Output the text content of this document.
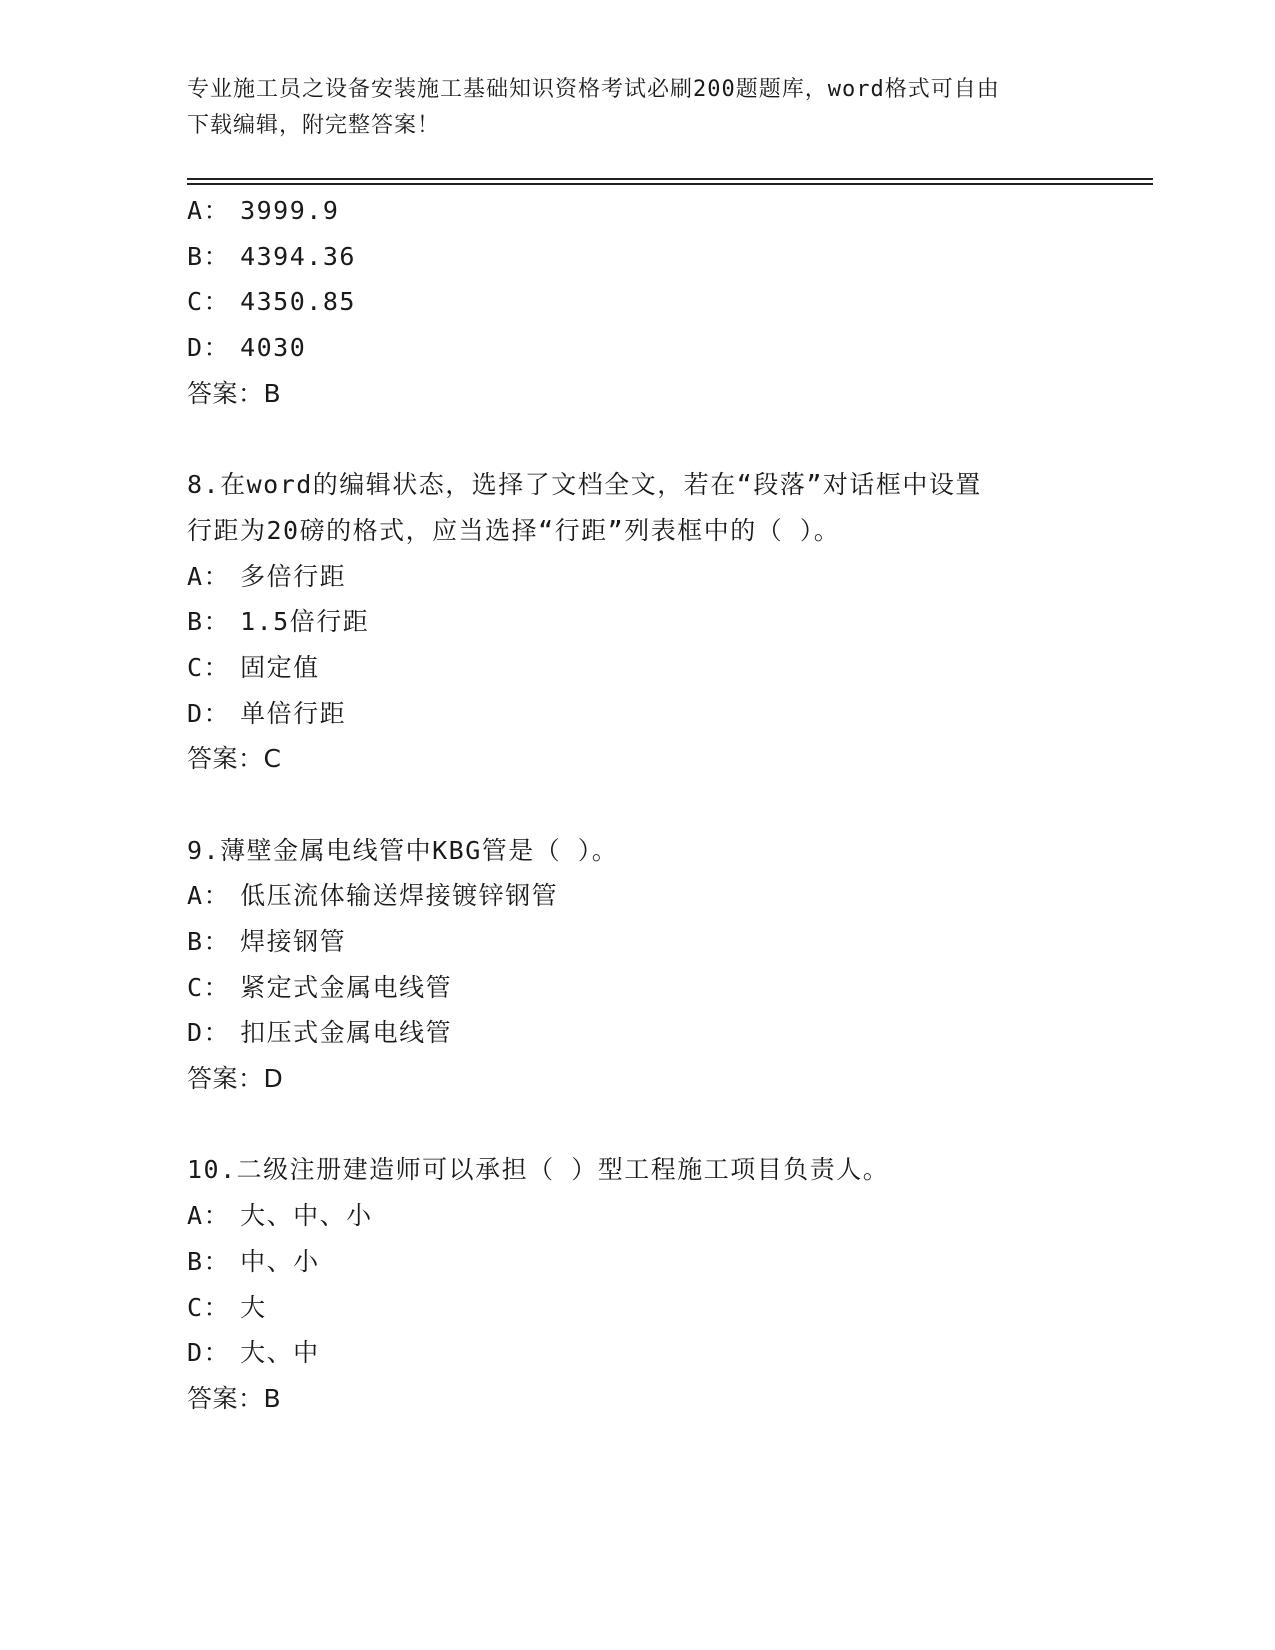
专业施工员之设备安装施工基础知识资格考试必刷200题题库，word格式可自由
下载编辑，附完整答案！
A： 3999.9
B： 4394.36
C： 4350.85
D： 4030
答案：B
8.在word的编辑状态，选择了文档全文，若在“段落”对话框中设置
行距为20磅的格式，应当选择“行距”列表框中的（ ）。
A： 多倍行距
B： 1.5倍行距
C： 固定值
D： 单倍行距
答案：C
9.薄壁金属电线管中KBG管是（ ）。
A： 低压流体输送焊接镀锌钢管
B： 焊接钢管
C： 紧定式金属电线管
D： 扣压式金属电线管
答案：D
10.二级注册建造师可以承担（ ）型工程施工项目负责人。
A： 大、中、小
B： 中、小
C： 大
D： 大、中
答案：B
